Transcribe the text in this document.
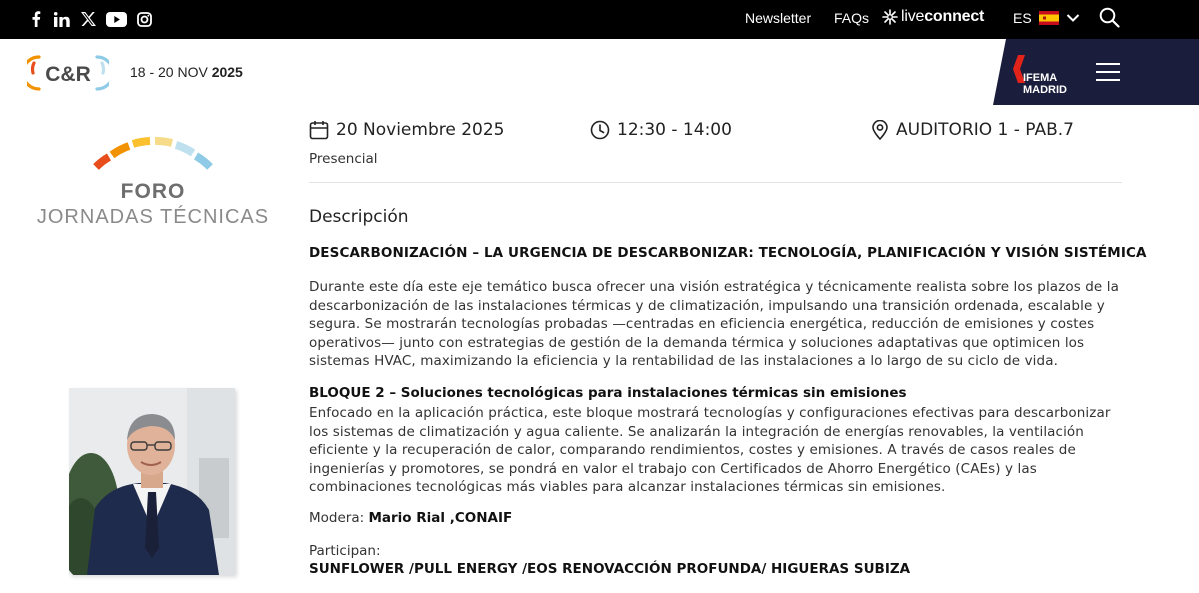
Newsletter FAQs liveconnect ES
C&R	18 - 20 NOV 2025	IFEMA
MADRID
FORO
JORNADAS TÉCNICAS
20 Noviembre 2025	12:30 - 14:00	AUDITORIO 1 - PAB.7
Presencial
Descripción
DESCARBONIZACIÓN – LA URGENCIA DE DESCARBONIZAR: TECNOLOGÍA, PLANIFICACIÓN Y VISIÓN SISTÉMICA
Durante este día este eje temático busca ofrecer una visión estratégica y técnicamente realista sobre los plazos de la
descarbonización de las instalaciones térmicas y de climatización, impulsando una transición ordenada, escalable y
segura. Se mostrarán tecnologías probadas —centradas en eficiencia energética, reducción de emisiones y costes
operativos— junto con estrategias de gestión de la demanda térmica y soluciones adaptativas que optimicen los
sistemas HVAC, maximizando la eficiencia y la rentabilidad de las instalaciones a lo largo de su ciclo de vida.
BLOQUE 2 – Soluciones tecnológicas para instalaciones térmicas sin emisiones
Enfocado en la aplicación práctica, este bloque mostrará tecnologías y configuraciones efectivas para descarbonizar
los sistemas de climatización y agua caliente. Se analizarán la integración de energías renovables, la ventilación
eficiente y la recuperación de calor, comparando rendimientos, costes y emisiones. A través de casos reales de
ingenierías y promotores, se pondrá en valor el trabajo con Certificados de Ahorro Energético (CAEs) y las
combinaciones tecnológicas más viables para alcanzar instalaciones térmicas sin emisiones.
Modera: Mario Rial ,CONAIF
Participan:
SUNFLOWER /PULL ENERGY /EOS RENOVACCIÓN PROFUNDA/ HIGUERAS SUBIZA
